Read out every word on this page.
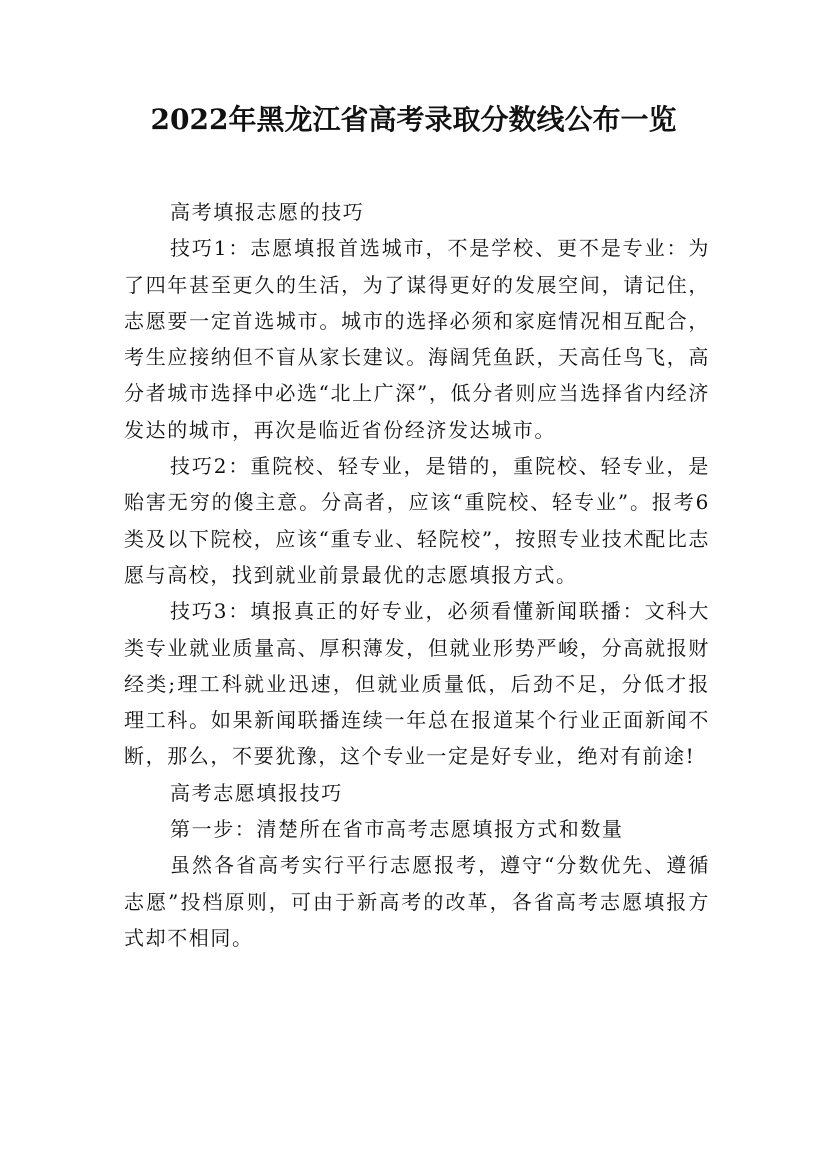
2022年黑龙江省高考录取分数线公布一览

高考填报志愿的技巧

技巧1：志愿填报首选城市，不是学校、更不是专业：为了四年甚至更久的生活，为了谋得更好的发展空间，请记住，志愿要一定首选城市。城市的选择必须和家庭情况相互配合，考生应接纳但不盲从家长建议。海阔凭鱼跃，天高任鸟飞，高分者城市选择中必选“北上广深”，低分者则应当选择省内经济发达的城市，再次是临近省份经济发达城市。

技巧2：重院校、轻专业，是错的，重院校、轻专业，是贻害无穷的傻主意。分高者，应该“重院校、轻专业”。报考6类及以下院校，应该“重专业、轻院校”，按照专业技术配比志愿与高校，找到就业前景最优的志愿填报方式。

技巧3：填报真正的好专业，必须看懂新闻联播：文科大类专业就业质量高、厚积薄发，但就业形势严峻，分高就报财经类;理工科就业迅速，但就业质量低，后劲不足，分低才报理工科。如果新闻联播连续一年总在报道某个行业正面新闻不断，那么，不要犹豫，这个专业一定是好专业，绝对有前途!

高考志愿填报技巧

第一步：清楚所在省市高考志愿填报方式和数量

虽然各省高考实行平行志愿报考，遵守“分数优先、遵循志愿”投档原则，可由于新高考的改革，各省高考志愿填报方式却不相同。
